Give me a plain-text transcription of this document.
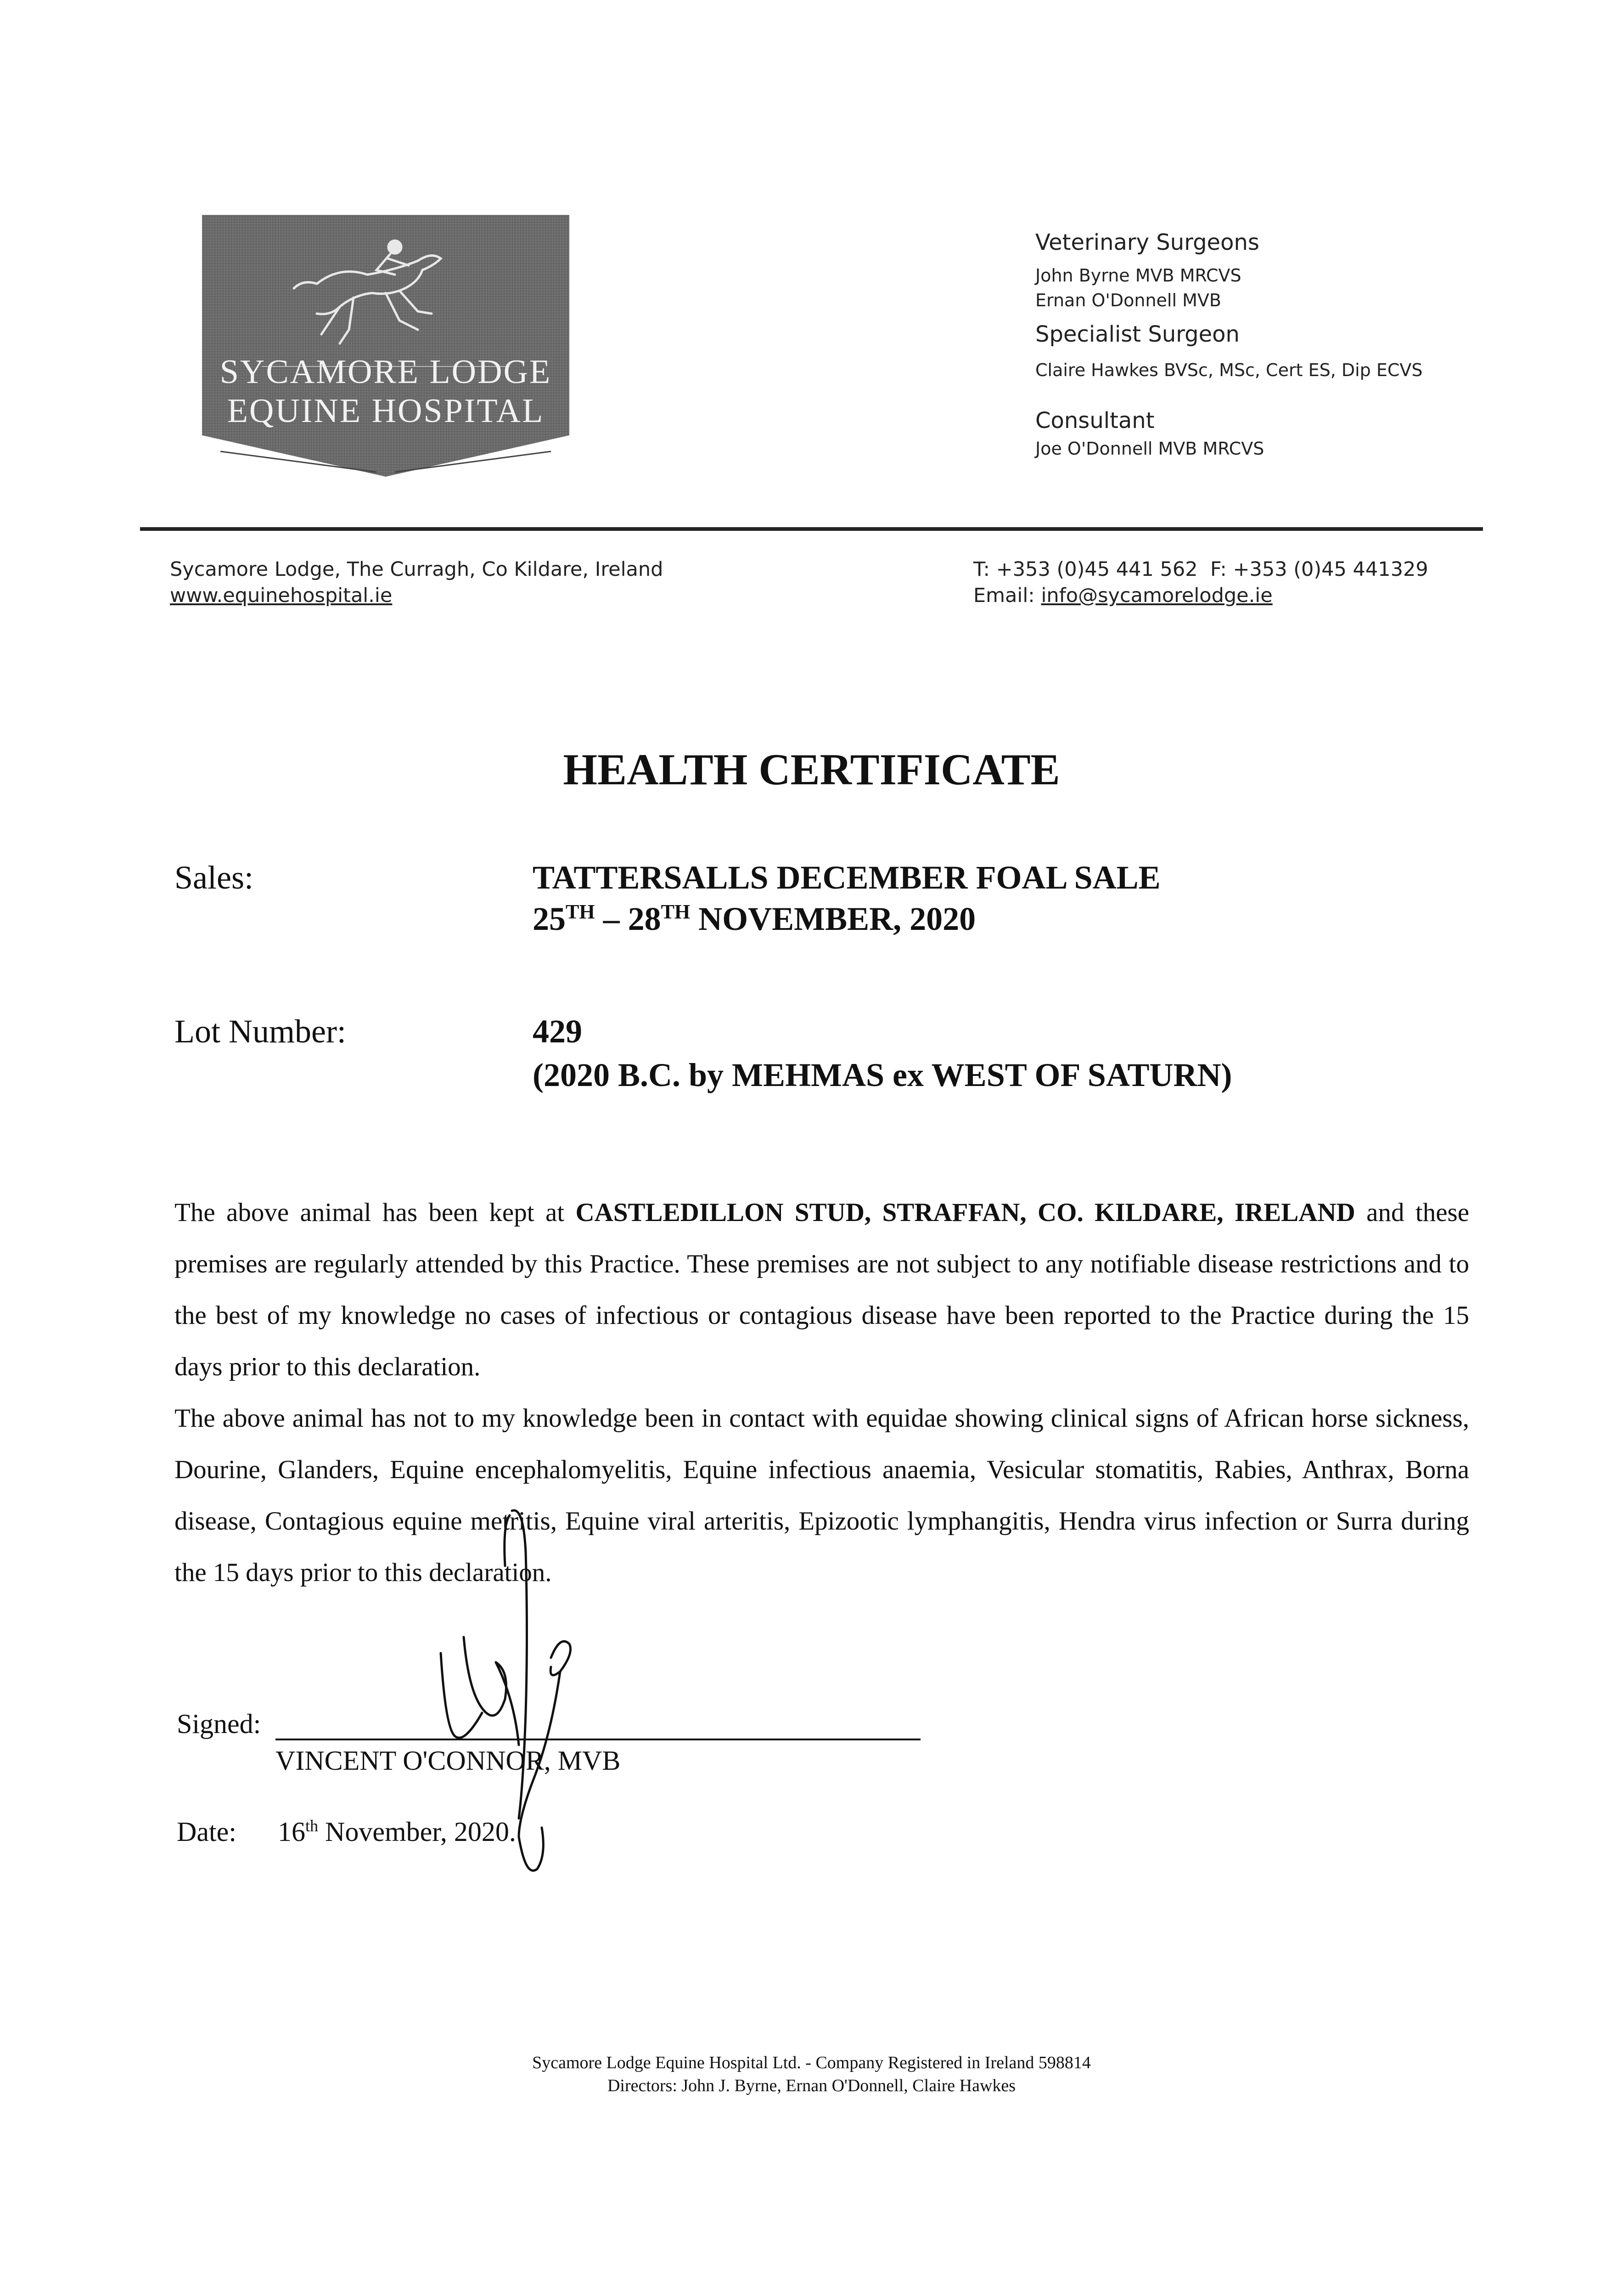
SYCAMORE LODGE
EQUINE HOSPITAL
Veterinary Surgeons
John Byrne MVB MRCVS
Ernan O'Donnell MVB
Specialist Surgeon
Claire Hawkes BVSc, MSc, Cert ES, Dip ECVS
Consultant
Joe O'Donnell MVB MRCVS
Sycamore Lodge, The Curragh, Co Kildare, Ireland
www.equinehospital.ie
T: +353 (0)45 441 562 F: +353 (0)45 441329
Email: info@sycamorelodge.ie
HEALTH CERTIFICATE
Sales:	TATTERSALLS DECEMBER FOAL SALE
25TH – 28TH NOVEMBER, 2020
Lot Number:	429
(2020 B.C. by MEHMAS ex WEST OF SATURN)

The above animal has been kept at CASTLEDILLON STUD, STRAFFAN, CO. KILDARE, IRELAND and these premises are regularly attended by this Practice. These premises are not subject to any notifiable disease restrictions and to the best of my knowledge no cases of infectious or contagious disease have been reported to the Practice during the 15 days prior to this declaration.

The above animal has not to my knowledge been in contact with equidae showing clinical signs of African horse sickness, Dourine, Glanders, Equine encephalomyelitis, Equine infectious anaemia, Vesicular stomatitis, Rabies, Anthrax, Borna disease, Contagious equine metritis, Equine viral arteritis, Epizootic lymphangitis, Hendra virus infection or Surra during the 15 days prior to this declaration.

Signed:
VINCENT O'CONNOR, MVB
Date: 16th November, 2020.
Sycamore Lodge Equine Hospital Ltd. - Company Registered in Ireland 598814
Directors: John J. Byrne, Ernan O'Donnell, Claire Hawkes
